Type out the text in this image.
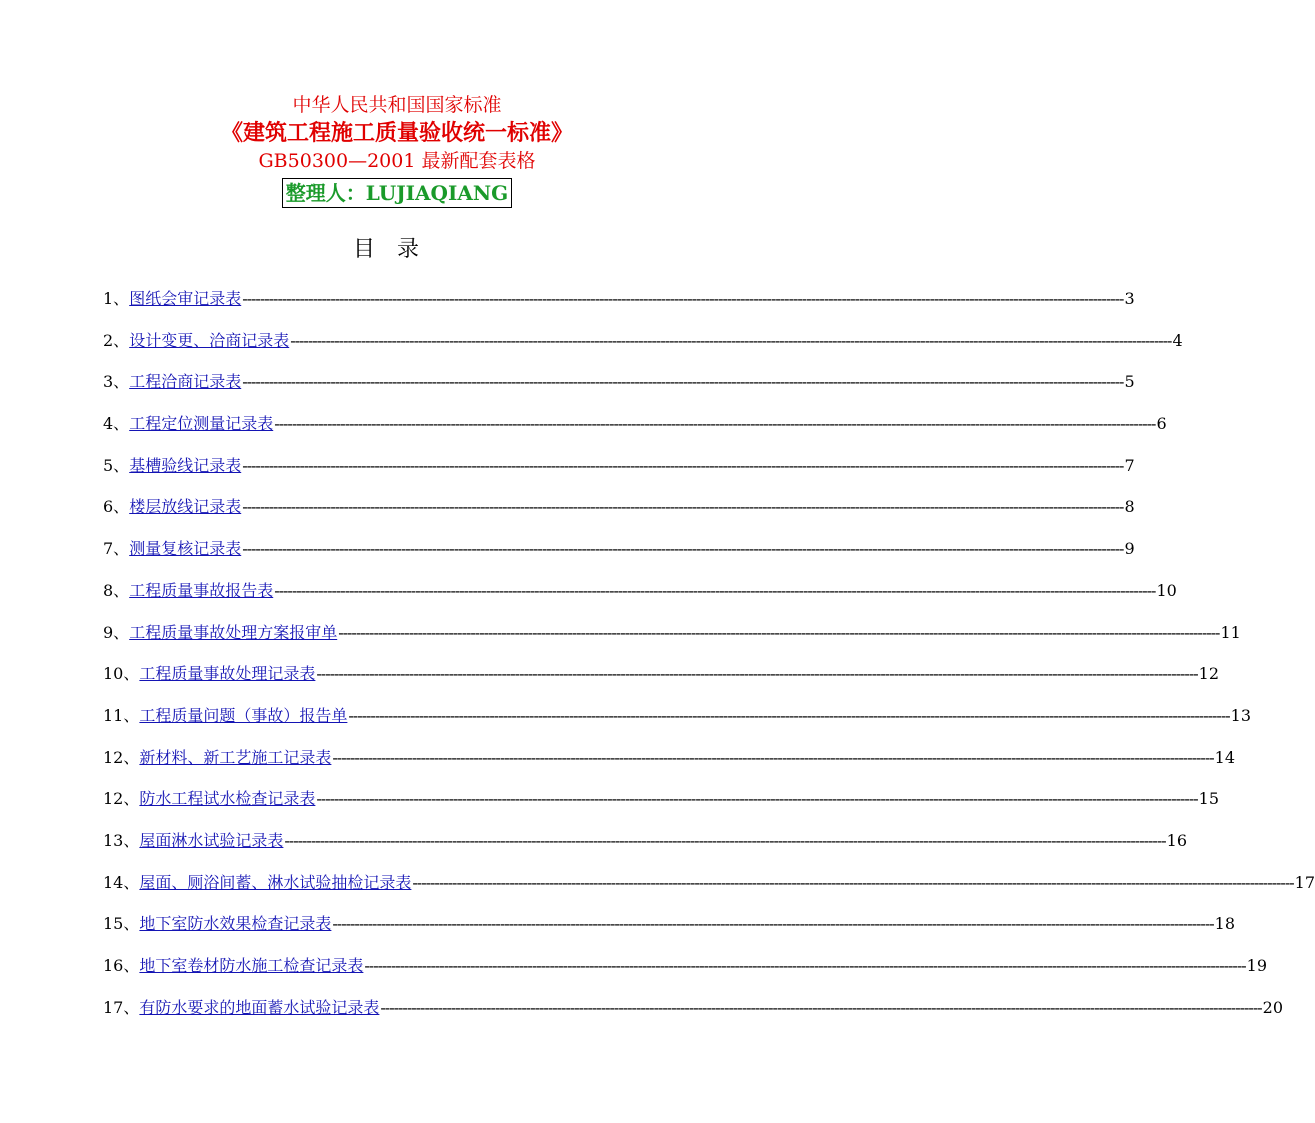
中华人民共和国国家标准
《建筑工程施工质量验收统一标准》
GB50300—2001 最新配套表格
整理人：LUJIAQIANG
目录
1、 图纸会审记录表 -------------------------------------------------------------------------------------------------------------------------------------------------------------------------------------------------------- 3
2、 设计变更、洽商记录表 -------------------------------------------------------------------------------------------------------------------------------------------------------------------------------------------------------- 4
3、 工程洽商记录表 -------------------------------------------------------------------------------------------------------------------------------------------------------------------------------------------------------- 5
4、 工程定位测量记录表 -------------------------------------------------------------------------------------------------------------------------------------------------------------------------------------------------------- 6
5、 基槽验线记录表 -------------------------------------------------------------------------------------------------------------------------------------------------------------------------------------------------------- 7
6、 楼层放线记录表 -------------------------------------------------------------------------------------------------------------------------------------------------------------------------------------------------------- 8
7、 测量复核记录表 -------------------------------------------------------------------------------------------------------------------------------------------------------------------------------------------------------- 9
8、 工程质量事故报告表 -------------------------------------------------------------------------------------------------------------------------------------------------------------------------------------------------------- 10
9、 工程质量事故处理方案报审单 -------------------------------------------------------------------------------------------------------------------------------------------------------------------------------------------------------- 11
10、 工程质量事故处理记录表 -------------------------------------------------------------------------------------------------------------------------------------------------------------------------------------------------------- 12
11、 工程质量问题（事故）报告单 -------------------------------------------------------------------------------------------------------------------------------------------------------------------------------------------------------- 13
12、 新材料、新工艺施工记录表 -------------------------------------------------------------------------------------------------------------------------------------------------------------------------------------------------------- 14
12、 防水工程试水检查记录表 -------------------------------------------------------------------------------------------------------------------------------------------------------------------------------------------------------- 15
13、 屋面淋水试验记录表 -------------------------------------------------------------------------------------------------------------------------------------------------------------------------------------------------------- 16
14、 屋面、厕浴间蓄、淋水试验抽检记录表 -------------------------------------------------------------------------------------------------------------------------------------------------------------------------------------------------------- 17
15、 地下室防水效果检查记录表 -------------------------------------------------------------------------------------------------------------------------------------------------------------------------------------------------------- 18
16、 地下室卷材防水施工检查记录表 -------------------------------------------------------------------------------------------------------------------------------------------------------------------------------------------------------- 19
17、 有防水要求的地面蓄水试验记录表 -------------------------------------------------------------------------------------------------------------------------------------------------------------------------------------------------------- 20
